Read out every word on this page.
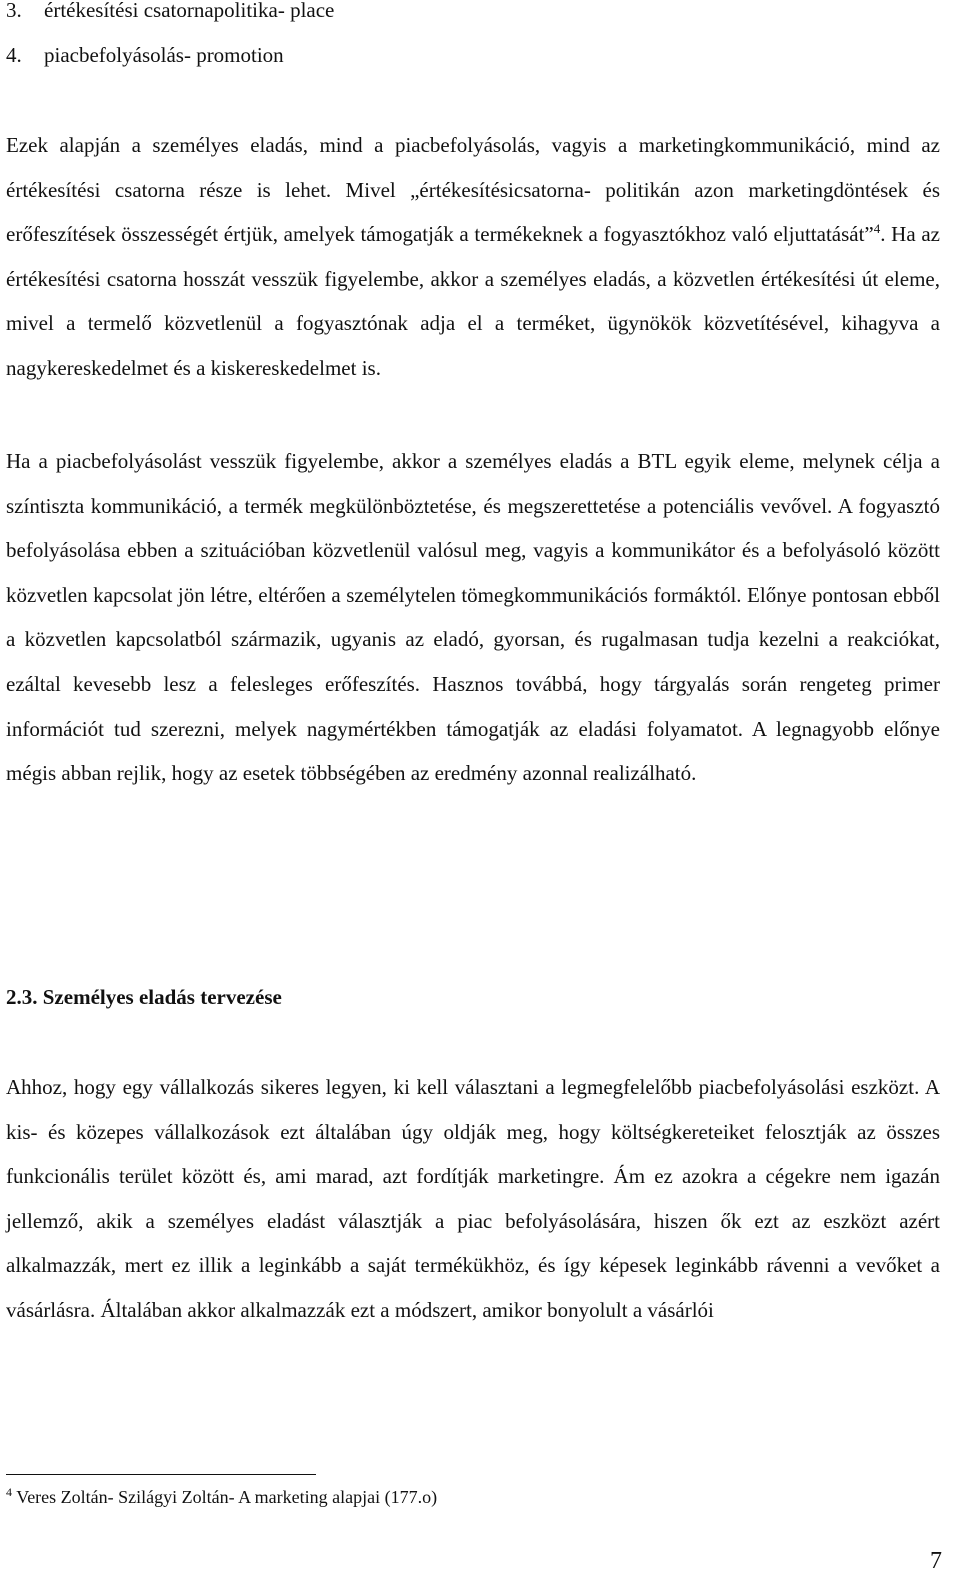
3. értékesítési csatornapolitika- place
4. piacbefolyásolás- promotion

Ezek alapján a személyes eladás, mind a piacbefolyásolás, vagyis a marketingkommunikáció, mind az értékesítési csatorna része is lehet. Mivel „értékesítésicsatorna- politikán azon marketingdöntések és erőfeszítések összességét értjük, amelyek támogatják a termékeknek a fogyasztókhoz való eljuttatását”$^4$. Ha az értékesítési csatorna hosszát vesszük figyelembe, akkor a személyes eladás, a közvetlen értékesítési út eleme, mivel a termelő közvetlenül a fogyasztónak adja el a terméket, ügynökök közvetítésével, kihagyva a nagykereskedelmet és a kiskereskedelmet is.

Ha a piacbefolyásolást vesszük figyelembe, akkor a személyes eladás a BTL egyik eleme, melynek célja a színtiszta kommunikáció, a termék megkülönböztetése, és megszerettetése a potenciális vevővel. A fogyasztó befolyásolása ebben a szituációban közvetlenül valósul meg, vagyis a kommunikátor és a befolyásoló között közvetlen kapcsolat jön létre, eltérően a személytelen tömegkommunikációs formáktól. Előnye pontosan ebből a közvetlen kapcsolatból származik, ugyanis az eladó, gyorsan, és rugalmasan tudja kezelni a reakciókat, ezáltal kevesebb lesz a felesleges erőfeszítés. Hasznos továbbá, hogy tárgyalás során rengeteg primer információt tud szerezni, melyek nagymértékben támogatják az eladási folyamatot. A legnagyobb előnye mégis abban rejlik, hogy az esetek többségében az eredmény azonnal realizálható.

2.3. Személyes eladás tervezése

Ahhoz, hogy egy vállalkozás sikeres legyen, ki kell választani a legmegfelelőbb piacbefolyásolási eszközt. A kis- és közepes vállalkozások ezt általában úgy oldják meg, hogy költségkereteiket felosztják az összes funkcionális terület között és, ami marad, azt fordítják marketingre. Ám ez azokra a cégekre nem igazán jellemző, akik a személyes eladást választják a piac befolyásolására, hiszen ők ezt az eszközt azért alkalmazzák, mert ez illik a leginkább a saját termékükhöz, és így képesek leginkább rávenni a vevőket a vásárlásra. Általában akkor alkalmazzák ezt a módszert, amikor bonyolult a vásárlói

$^4$ Veres Zoltán- Szilágyi Zoltán- A marketing alapjai (177.o)
7
